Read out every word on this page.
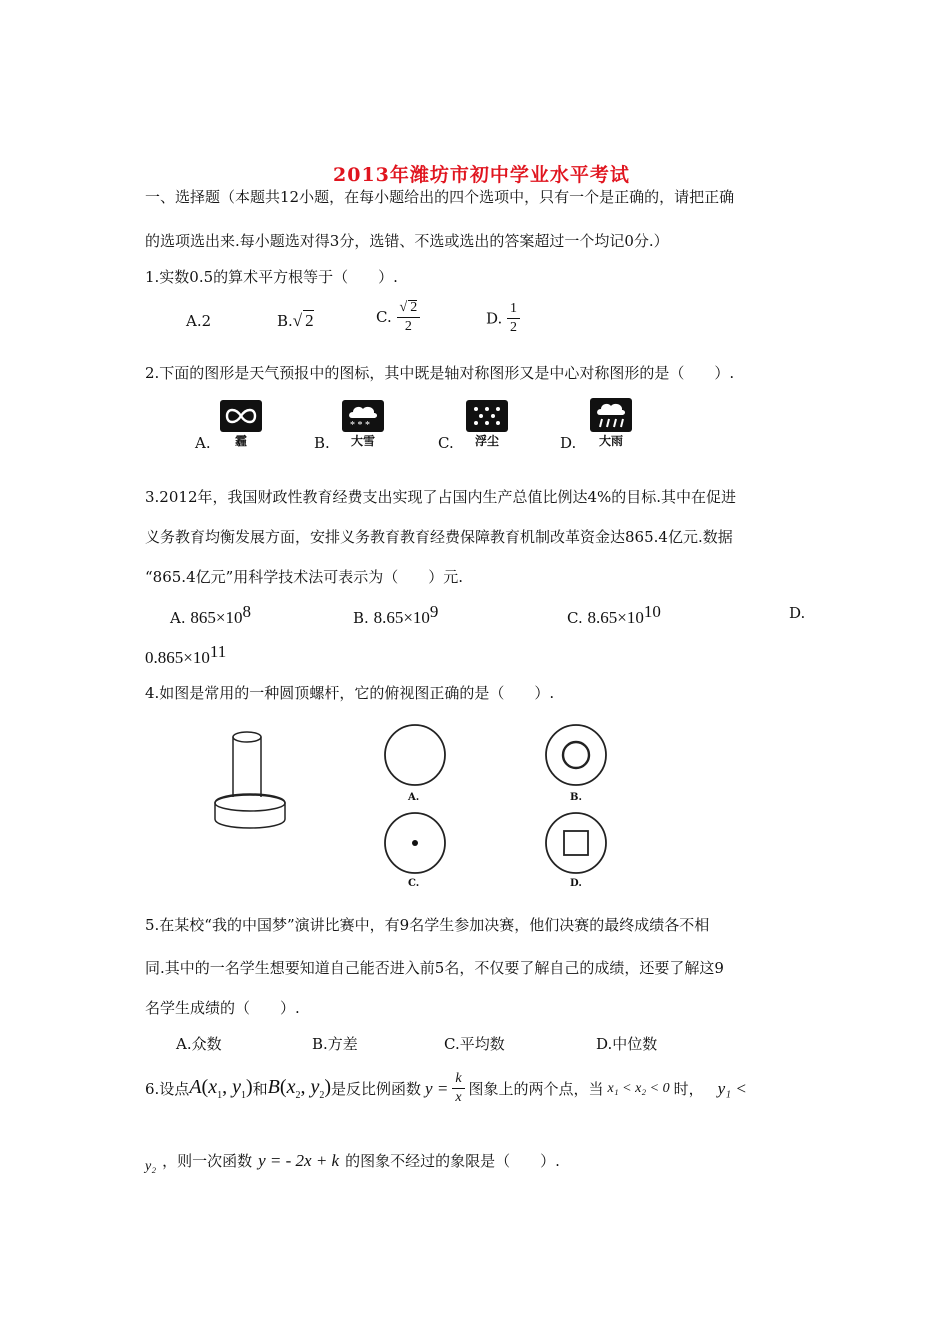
2013年潍坊市初中学业水平考试
一、选择题（本题共12小题，在每小题给出的四个选项中，只有一个是正确的，请把正确
的选项选出来.每小题选对得3分，选错、不选或选出的答案超过一个均记0分.）
1.实数0.5的算术平方根等于（　　）.
A.2	B.√ 2	C. $\frac{√ 2}{2}$	D. $\frac{1}{2}$
2.下面的图形是天气预报中的图标，其中既是轴对称图形又是中心对称图形的是（　　）.
A.	霾	B.
* * *
大雪	C.	浮尘	D.	大雨
3.2012年，我国财政性教育经费支出实现了占国内生产总值比例达4%的目标.其中在促进
义务教育均衡发展方面，安排义务教育教育经费保障教育机制改革资金达865.4亿元.数据
“865.4亿元”用科学技术法可表示为（　　）元.
A. $865\times 10^8$	B. $8.65\times 10^9$	C. $8.65\times 10^{10}$	D.
$0.865\times 10^{11}$
4.如图是常用的一种圆顶螺杆，它的俯视图正确的是（　　）.
A.	B.
C.	D.
5.在某校“我的中国梦”演讲比赛中，有9名学生参加决赛，他们决赛的最终成绩各不相
同.其中的一名学生想要知道自己能否进入前5名，不仅要了解自己的成绩，还要了解这9
名学生成绩的（　　）.
A.众数	B.方差	C.平均数	D.中位数
6.设点 $A(x_1$, $y_1$) 和 $B(x_2$, $y_2$) 是反比例函数 $y = \frac{k}{x}$ 图象上的两个点，当 x₁ < x₂ < 0 时， y₁ <
y₂ ，则一次函数 y = - 2x + k 的图象不经过的象限是（　　）.
